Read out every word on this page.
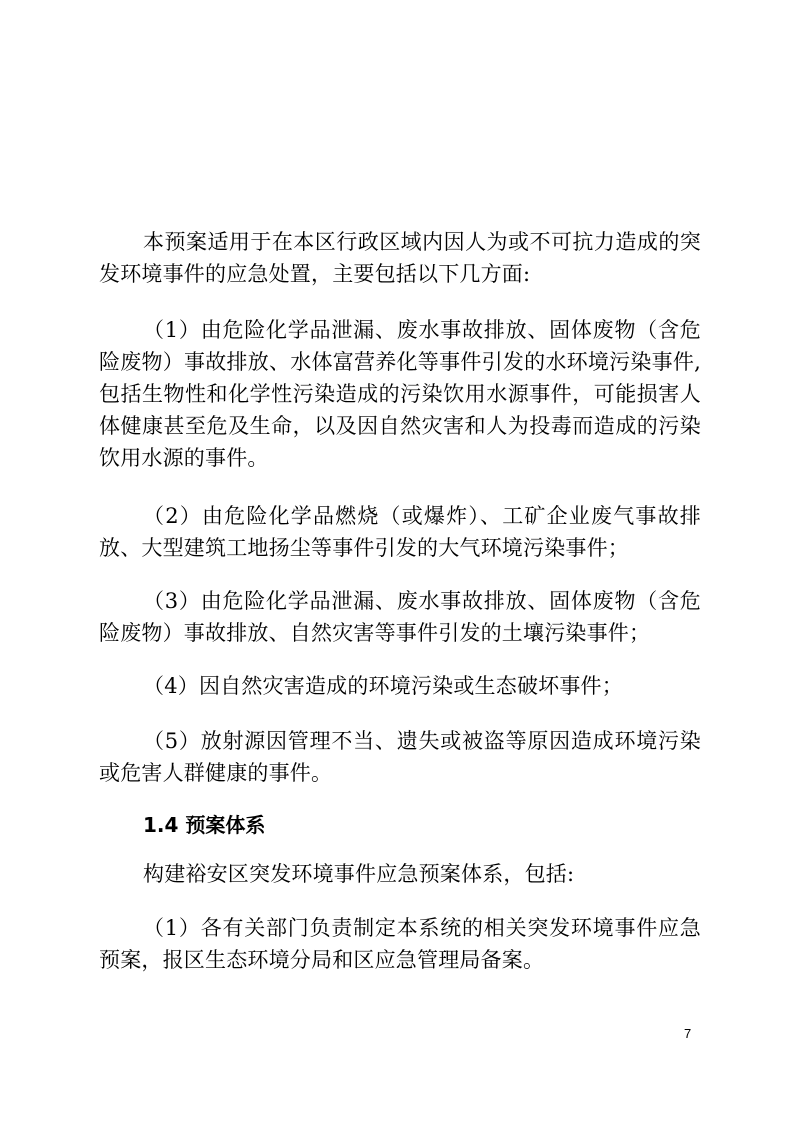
本预案适用于在本区行政区域内因人为或不可抗力造成的突发环境事件的应急处置，主要包括以下几方面:

（1）由危险化学品泄漏、废水事故排放、固体废物（含危险废物）事故排放、水体富营养化等事件引发的水环境污染事件,包括生物性和化学性污染造成的污染饮用水源事件，可能损害人体健康甚至危及生命，以及因自然灾害和人为投毒而造成的污染饮用水源的事件。

（2）由危险化学品燃烧（或爆炸）、工矿企业废气事故排放、大型建筑工地扬尘等事件引发的大气环境污染事件；

（3）由危险化学品泄漏、废水事故排放、固体废物（含危险废物）事故排放、自然灾害等事件引发的土壤污染事件；

（4）因自然灾害造成的环境污染或生态破坏事件；

（5）放射源因管理不当、遗失或被盗等原因造成环境污染或危害人群健康的事件。

1.4 预案体系

构建裕安区突发环境事件应急预案体系，包括:

（1）各有关部门负责制定本系统的相关突发环境事件应急预案，报区生态环境分局和区应急管理局备案。

7
